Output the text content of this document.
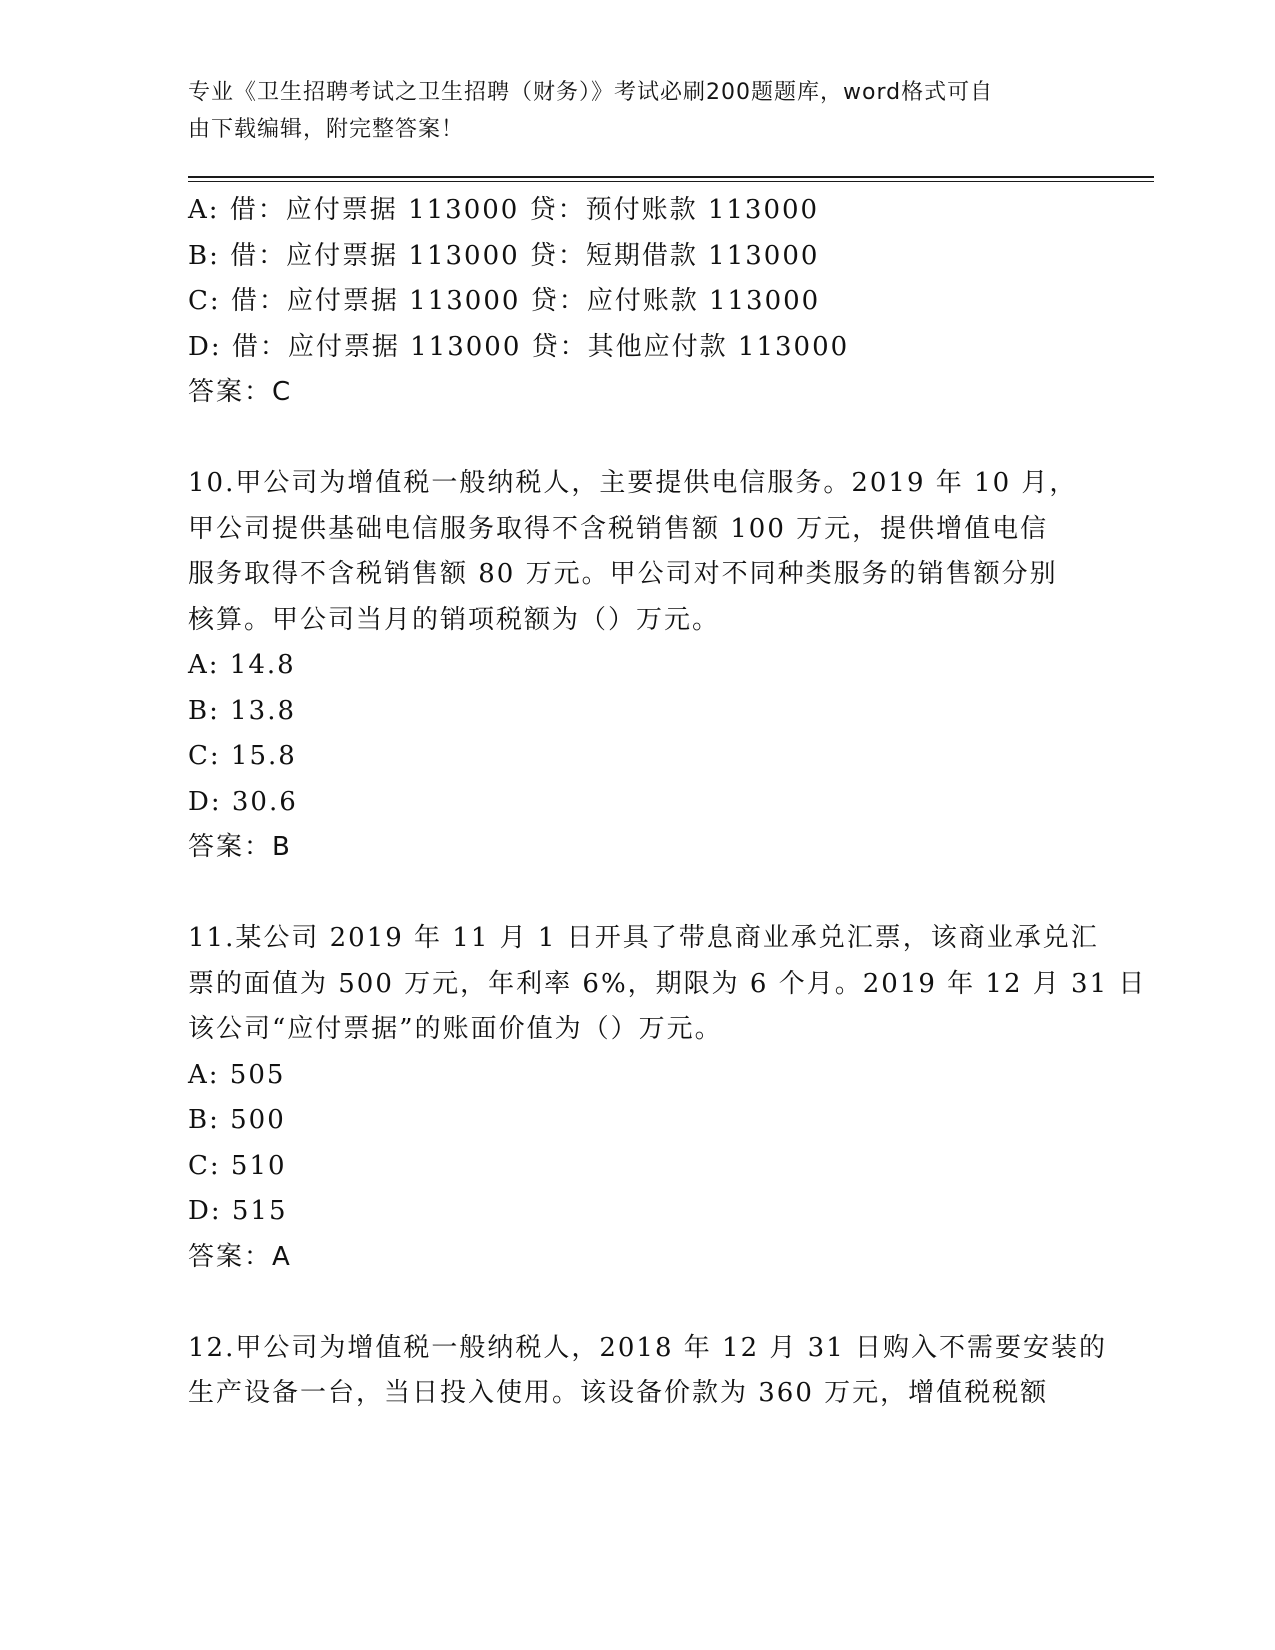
专业《卫生招聘考试之卫生招聘（财务）》考试必刷200题题库，word格式可自
由下载编辑，附完整答案！
A: 借：应付票据 113000 贷：预付账款 113000
B: 借：应付票据 113000 贷：短期借款 113000
C: 借：应付票据 113000 贷：应付账款 113000
D: 借：应付票据 113000 贷：其他应付款 113000
答案：C
10.甲公司为增值税一般纳税人，主要提供电信服务。2019 年 10 月，
甲公司提供基础电信服务取得不含税销售额 100 万元，提供增值电信
服务取得不含税销售额 80 万元。甲公司对不同种类服务的销售额分别
核算。甲公司当月的销项税额为（）万元。
A: 14.8
B: 13.8
C: 15.8
D: 30.6
答案：B
11.某公司 2019 年 11 月 1 日开具了带息商业承兑汇票，该商业承兑汇
票的面值为 500 万元，年利率 6%，期限为 6 个月。2019 年 12 月 31 日
该公司“应付票据”的账面价值为（）万元。
A: 505
B: 500
C: 510
D: 515
答案：A
12.甲公司为增值税一般纳税人，2018 年 12 月 31 日购入不需要安装的
生产设备一台，当日投入使用。该设备价款为 360 万元，增值税税额
